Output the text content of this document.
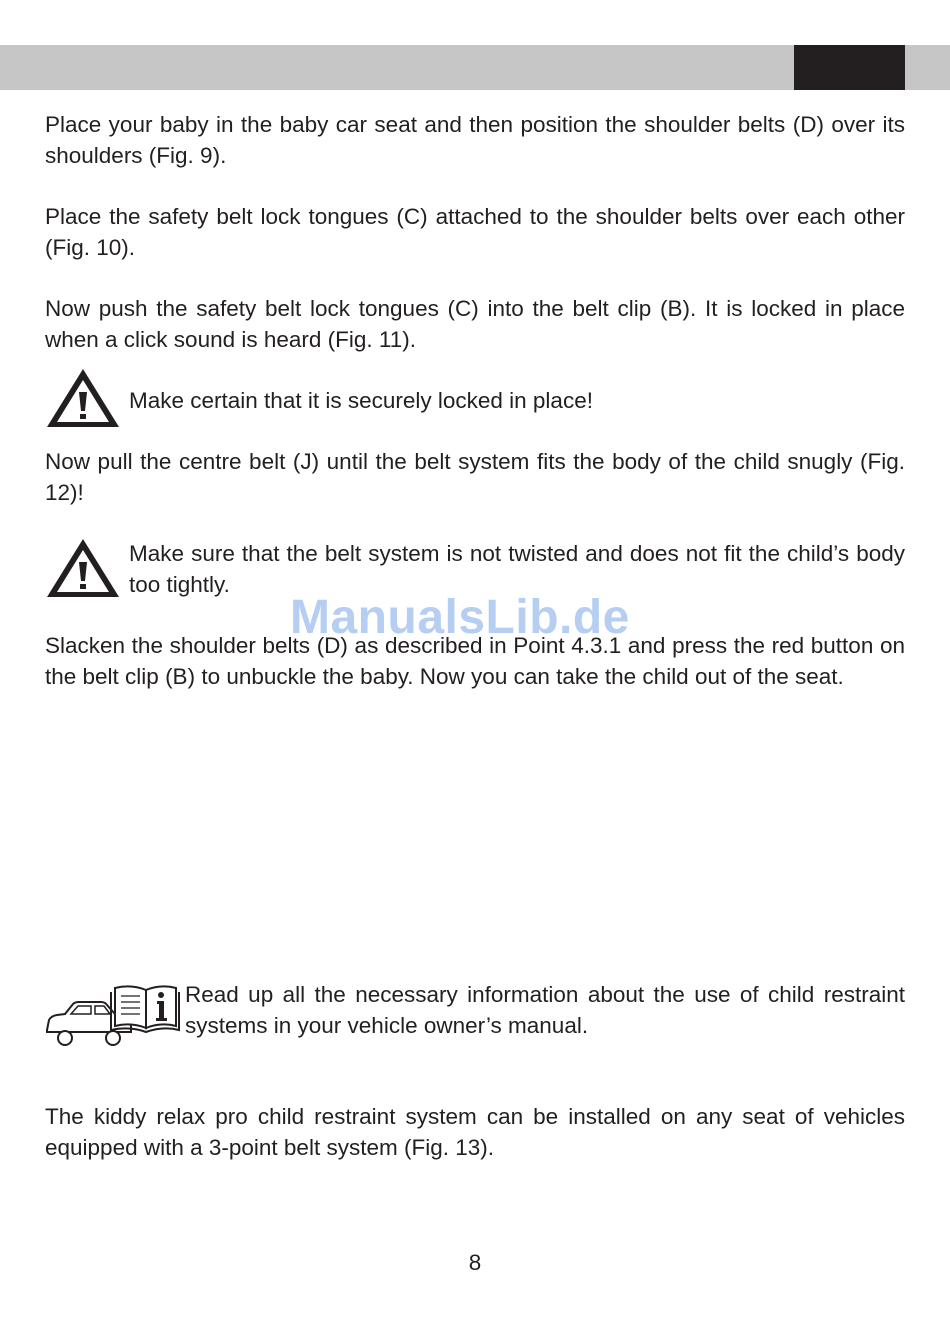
Place your baby in the baby car seat and then position the shoulder belts (D) over its shoulders (Fig. 9).

Place the safety belt lock tongues (C) attached to the shoulder belts over each other (Fig. 10).

Now push the safety belt lock tongues (C) into the belt clip (B). It is locked in place when a click sound is heard (Fig. 11).

Make certain that it is securely locked in place!

Now pull the centre belt (J) until the belt system fits the body of the child snugly (Fig. 12)!

Make sure that the belt system is not twisted and does not fit the child’s body too tightly.

Slacken the shoulder belts (D) as described in Point 4.3.1 and press the red button on the belt clip (B) to unbuckle the baby. Now you can take the child out of the seat.

ManualsLib.de

Read up all the necessary information about the use of child restraint systems in your vehicle owner’s manual.

The kiddy relax pro child restraint system can be installed on any seat of vehicles equipped with a 3-point belt system (Fig. 13).

8
